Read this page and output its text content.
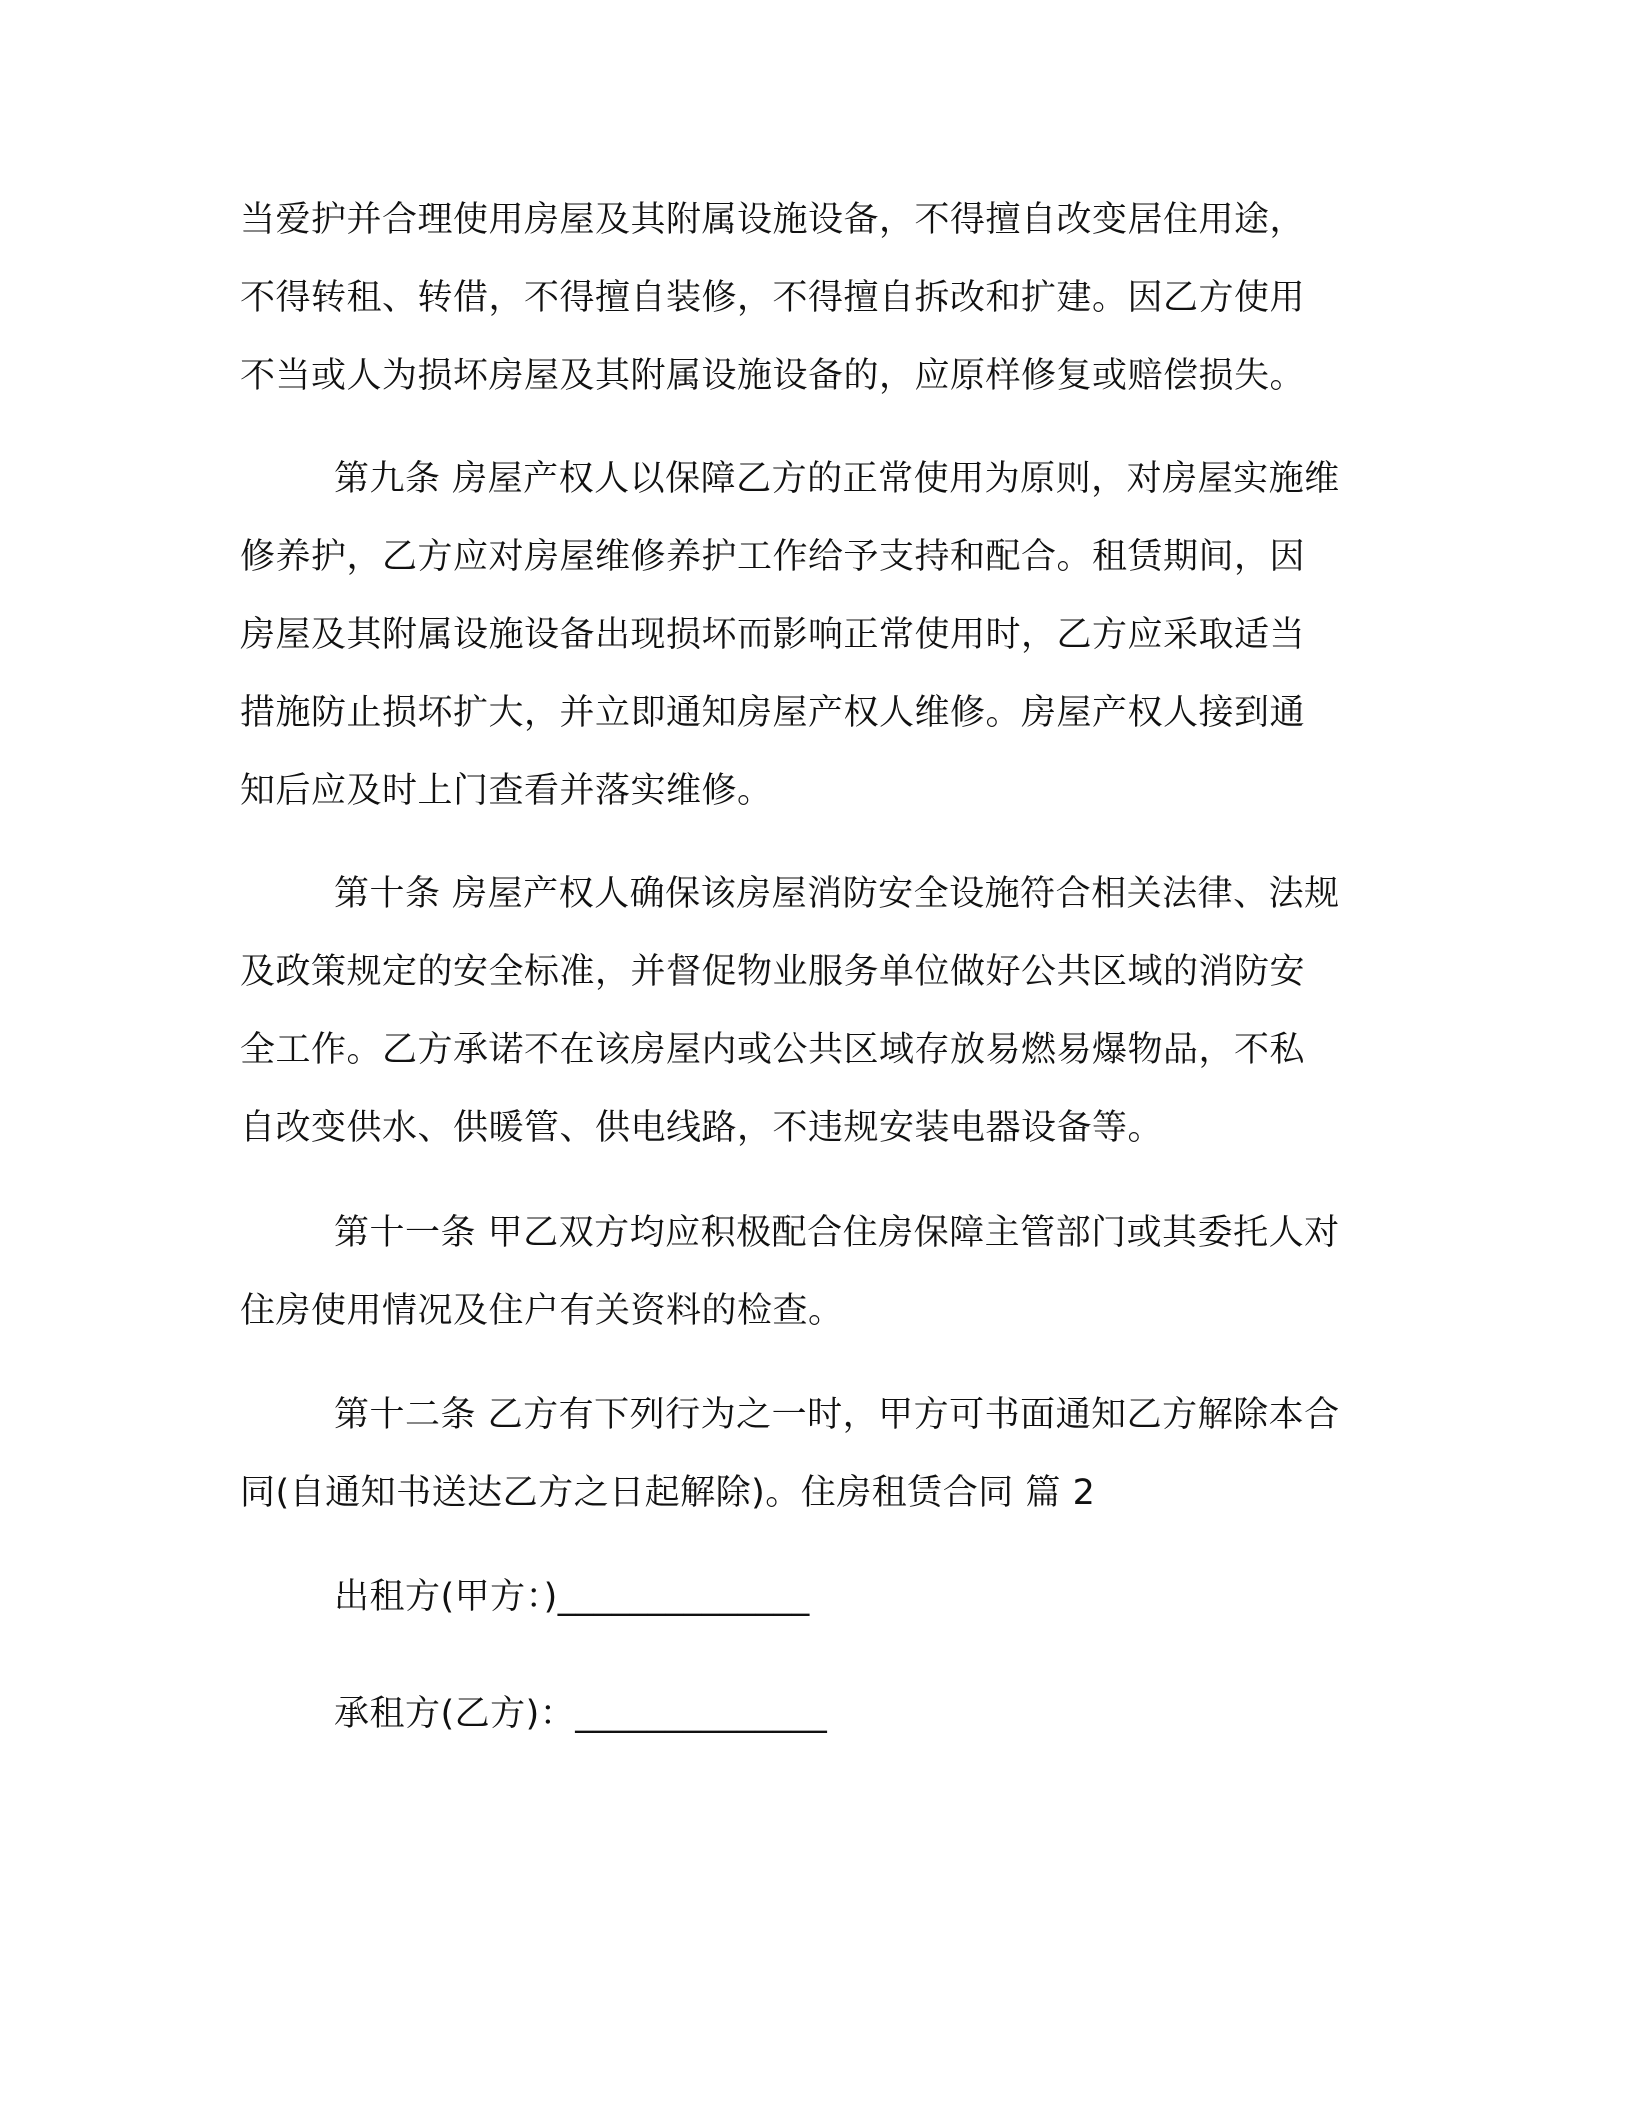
当爱护并合理使用房屋及其附属设施设备，不得擅自改变居住用途，
不得转租、转借，不得擅自装修，不得擅自拆改和扩建。因乙方使用
不当或人为损坏房屋及其附属设施设备的，应原样修复或赔偿损失。

第九条 房屋产权人以保障乙方的正常使用为原则，对房屋实施维
修养护，乙方应对房屋维修养护工作给予支持和配合。租赁期间，因
房屋及其附属设施设备出现损坏而影响正常使用时，乙方应采取适当
措施防止损坏扩大，并立即通知房屋产权人维修。房屋产权人接到通
知后应及时上门查看并落实维修。

第十条 房屋产权人确保该房屋消防安全设施符合相关法律、法规
及政策规定的安全标准，并督促物业服务单位做好公共区域的消防安
全工作。乙方承诺不在该房屋内或公共区域存放易燃易爆物品，不私
自改变供水、供暖管、供电线路，不违规安装电器设备等。

第十一条 甲乙双方均应积极配合住房保障主管部门或其委托人对
住房使用情况及住户有关资料的检查。

第十二条 乙方有下列行为之一时，甲方可书面通知乙方解除本合
同(自通知书送达乙方之日起解除)。住房租赁合同 篇 2

出租方(甲方：)______________

承租方(乙方)：______________
